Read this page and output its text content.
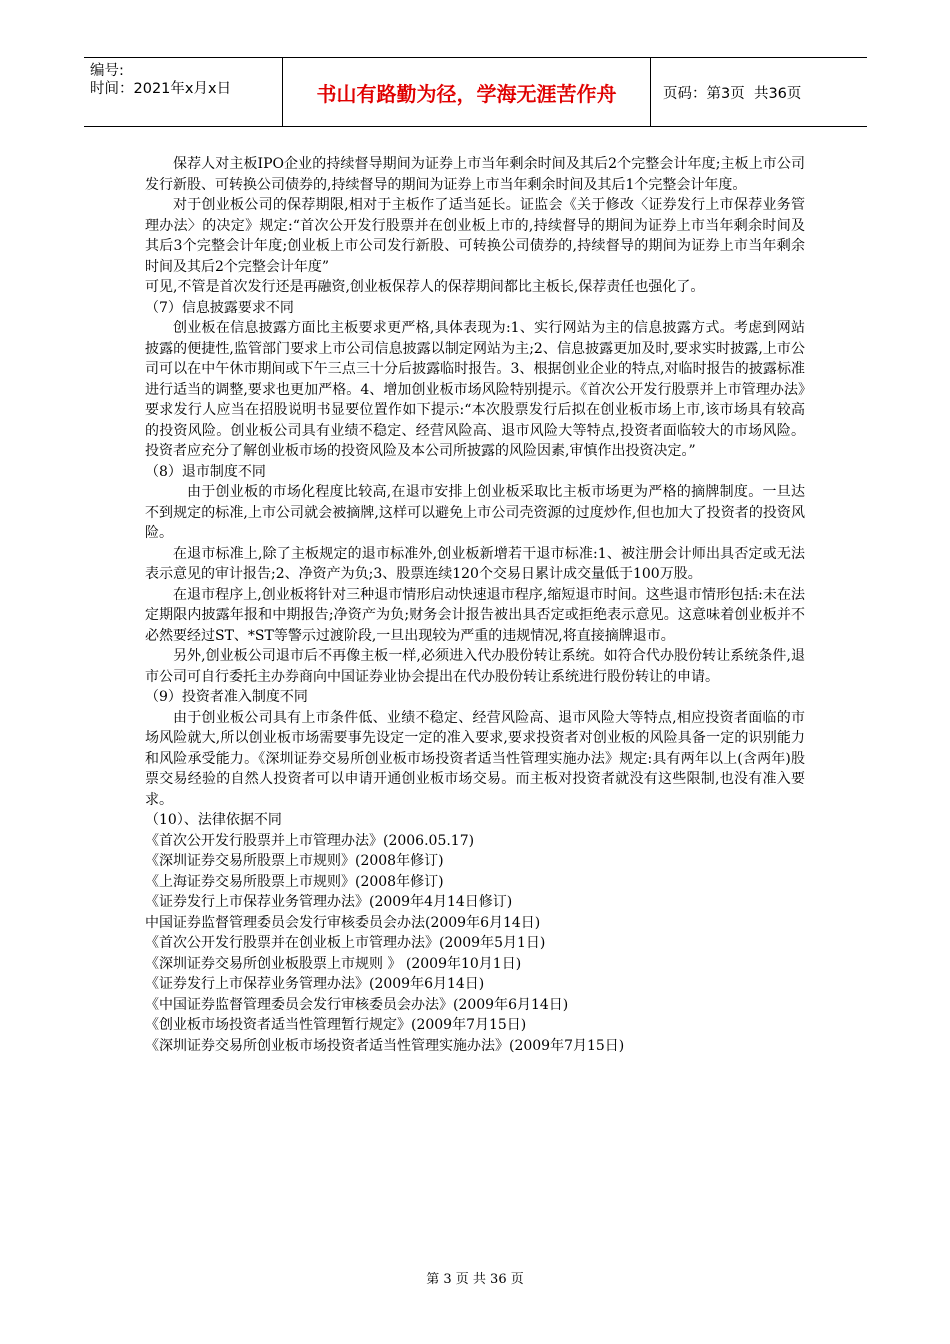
编号:
时间：2021年x月x日	书山有路勤为径，学海无涯苦作舟	页码：第3页  共36页

保荐人对主板IPO企业的持续督导期间为证券上市当年剩余时间及其后2个完整会计年度;主板上市公司发行新股、可转换公司债券的,持续督导的期间为证券上市当年剩余时间及其后1个完整会计年度。

对于创业板公司的保荐期限,相对于主板作了适当延长。证监会《关于修改〈证券发行上市保荐业务管理办法〉的决定》规定:“首次公开发行股票并在创业板上市的,持续督导的期间为证券上市当年剩余时间及其后3个完整会计年度;创业板上市公司发行新股、可转换公司债券的,持续督导的期间为证券上市当年剩余时间及其后2个完整会计年度”

可见,不管是首次发行还是再融资,创业板保荐人的保荐期间都比主板长,保荐责任也强化了。

（7）信息披露要求不同

创业板在信息披露方面比主板要求更严格,具体表现为:1、实行网站为主的信息披露方式。考虑到网站披露的便捷性,监管部门要求上市公司信息披露以制定网站为主;2、信息披露更加及时,要求实时披露,上市公司可以在中午休市期间或下午三点三十分后披露临时报告。3、根据创业企业的特点,对临时报告的披露标准进行适当的调整,要求也更加严格。4、增加创业板市场风险特别提示。《首次公开发行股票并上市管理办法》要求发行人应当在招股说明书显要位置作如下提示:“本次股票发行后拟在创业板市场上市,该市场具有较高的投资风险。创业板公司具有业绩不稳定、经营风险高、退市风险大等特点,投资者面临较大的市场风险。投资者应充分了解创业板市场的投资风险及本公司所披露的风险因素,审慎作出投资决定。”

（8）退市制度不同

由于创业板的市场化程度比较高,在退市安排上创业板采取比主板市场更为严格的摘牌制度。一旦达不到规定的标准,上市公司就会被摘牌,这样可以避免上市公司壳资源的过度炒作,但也加大了投资者的投资风险。

在退市标准上,除了主板规定的退市标准外,创业板新增若干退市标准:1、被注册会计师出具否定或无法表示意见的审计报告;2、净资产为负;3、股票连续120个交易日累计成交量低于100万股。

在退市程序上,创业板将针对三种退市情形启动快速退市程序,缩短退市时间。这些退市情形包括:未在法定期限内披露年报和中期报告;净资产为负;财务会计报告被出具否定或拒绝表示意见。这意味着创业板并不必然要经过ST、*ST等警示过渡阶段,一旦出现较为严重的违规情况,将直接摘牌退市。

另外,创业板公司退市后不再像主板一样,必须进入代办股份转让系统。如符合代办股份转让系统条件,退市公司可自行委托主办券商向中国证券业协会提出在代办股份转让系统进行股份转让的申请。

（9）投资者准入制度不同

由于创业板公司具有上市条件低、业绩不稳定、经营风险高、退市风险大等特点,相应投资者面临的市场风险就大,所以创业板市场需要事先设定一定的准入要求,要求投资者对创业板的风险具备一定的识别能力和风险承受能力。《深圳证券交易所创业板市场投资者适当性管理实施办法》规定:具有两年以上(含两年)股票交易经验的自然人投资者可以申请开通创业板市场交易。而主板对投资者就没有这些限制,也没有准入要求。

（10）、法律依据不同

《首次公开发行股票并上市管理办法》(2006.05.17)

《深圳证券交易所股票上市规则》(2008年修订)

《上海证券交易所股票上市规则》(2008年修订)

《证券发行上市保荐业务管理办法》(2009年4月14日修订)

中国证券监督管理委员会发行审核委员会办法(2009年6月14日)

《首次公开发行股票并在创业板上市管理办法》(2009年5月1日)

《深圳证券交易所创业板股票上市规则 》 (2009年10月1日)

《证券发行上市保荐业务管理办法》(2009年6月14日)

《中国证券监督管理委员会发行审核委员会办法》(2009年6月14日)

《创业板市场投资者适当性管理暂行规定》(2009年7月15日)

《深圳证券交易所创业板市场投资者适当性管理实施办法》(2009年7月15日)

第 3 页 共 36 页
